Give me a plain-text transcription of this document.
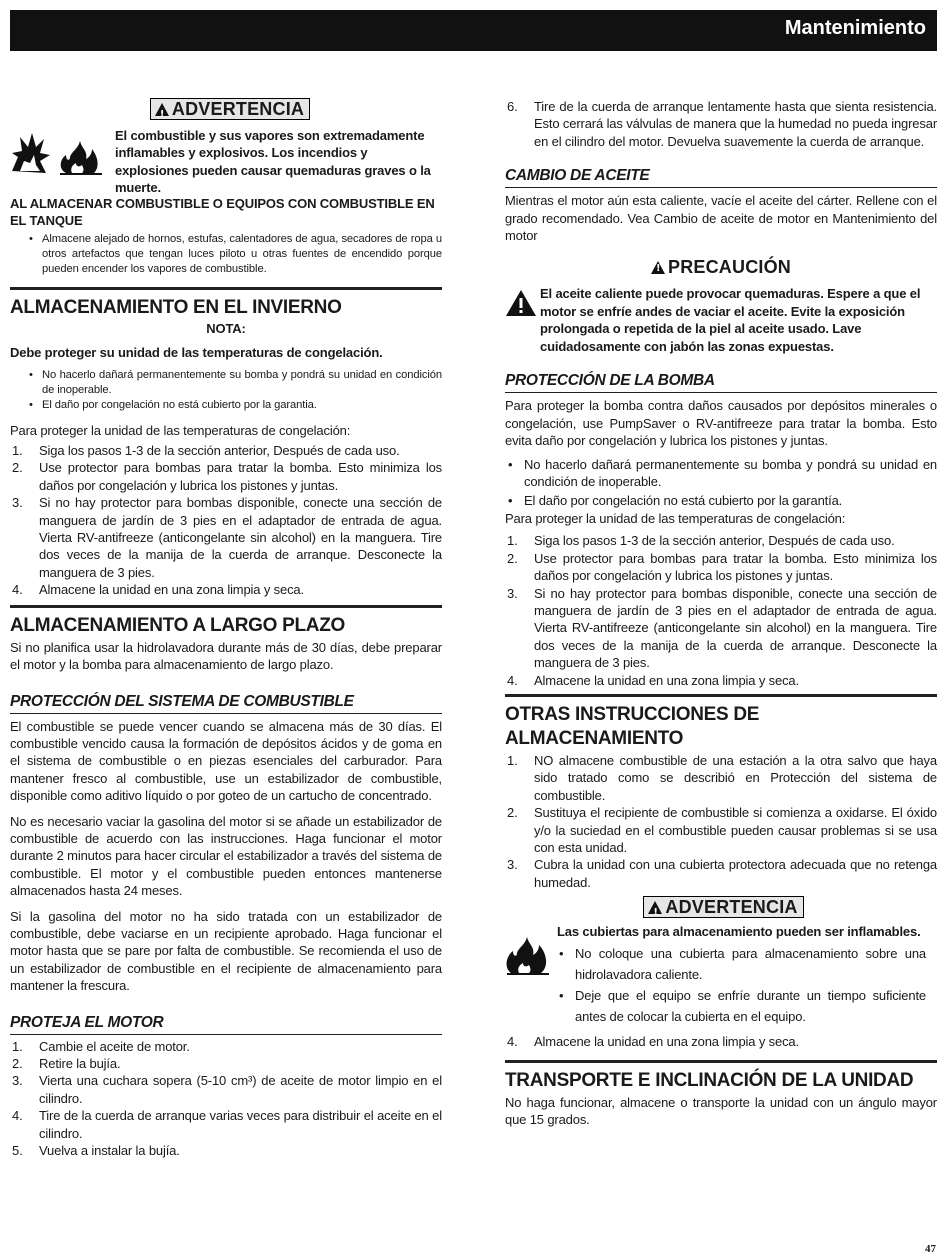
Mantenimiento
!ADVERTENCIA
El combustible y sus vapores son extremadamente inflamables y explosivos. Los incendios y explosiones pueden causar quemaduras graves o la muerte.
AL ALMACENAR COMBUSTIBLE O EQUIPOS CON COMBUSTIBLE EN EL TANQUE
• Almacene alejado de hornos, estufas, calentadores de agua, secadores de ropa u otros artefactos que tengan luces piloto u otras fuentes de encendido porque pueden encender los vapores de combustible.
ALMACENAMIENTO EN EL INVIERNO
NOTA:
Debe proteger su unidad de las temperaturas de congelación.
• No hacerlo dañará permanentemente su bomba y pondrá su unidad en condición de inoperable.
• El daño por congelación no está cubierto por la garantia.

Para proteger la unidad de las temperaturas de congelación:

1. Siga los pasos 1-3 de la sección anterior, Después de cada uso.
2. Use protector para bombas para tratar la bomba. Esto minimiza los daños por congelación y lubrica los pistones y juntas.
3. Si no hay protector para bombas disponible, conecte una sección de manguera de jardín de 3 pies en el adaptador de entrada de agua. Vierta RV-antifreeze (anticongelante sin alcohol) en la manguera. Tire dos veces de la manija de la cuerda de arranque. Desconecte la manguera de 3 pies.
4. Almacene la unidad en una zona limpia y seca.
ALMACENAMIENTO A LARGO PLAZO

Si no planifica usar la hidrolavadora durante más de 30 días, debe preparar el motor y la bomba para almacenamiento de largo plazo.

PROTECCIÓN DEL SISTEMA DE COMBUSTIBLE

El combustible se puede vencer cuando se almacena más de 30 días. El combustible vencido causa la formación de depósitos ácidos y de goma en el sistema de combustible o en piezas esenciales del carburador. Para mantener fresco al combustible, use un estabilizador de combustible, disponible como aditivo líquido o por goteo de un cartucho de concentrado.

No es necesario vaciar la gasolina del motor si se añade un estabilizador de combustible de acuerdo con las instrucciones. Haga funcionar el motor durante 2 minutos para hacer circular el estabilizador a través del sistema de combustible. El motor y el combustible pueden entonces mantenerse almacenados hasta 24 meses.

Si la gasolina del motor no ha sido tratada con un estabilizador de combustible, debe vaciarse en un recipiente aprobado. Haga funcionar el motor hasta que se pare por falta de combustible. Se recomienda el uso de un estabilizador de combustible en el recipiente de almacenamiento para mantener la frescura.

PROTEJA EL MOTOR
1. Cambie el aceite de motor.
2. Retire la bujía.
3. Vierta una cuchara sopera (5-10 cm³) de aceite de motor limpio en el cilindro.
4. Tire de la cuerda de arranque varias veces para distribuir el aceite en el cilindro.
5. Vuelva a instalar la bujía.
6. Tire de la cuerda de arranque lentamente hasta que sienta resistencia. Esto cerrará las válvulas de manera que la humedad no pueda ingresar en el cilindro del motor. Devuelva suavemente la cuerda de arranque.
CAMBIO DE ACEITE

Mientras el motor aún esta caliente, vacíe el aceite del cárter. Rellene con el grado recomendado. Vea Cambio de aceite de motor en Mantenimiento del motor

!PRECAUCIÓN
El aceite caliente puede provocar quemaduras. Espere a que el motor se enfríe andes de vaciar el aceite. Evite la exposición prolongada o repetida de la piel al aceite usado. Lave cuidadosamente con jabón las zonas expuestas.
PROTECCIÓN DE LA BOMBA

Para proteger la bomba contra daños causados por depósitos minerales o congelación, use PumpSaver o RV-antifreeze para tratar la bomba. Esto evita daño por congelación y lubrica los pistones y juntas.

• No hacerlo dañará permanentemente su bomba y pondrá su unidad en condición de inoperable.
• El daño por congelación no está cubierto por la garantía.

Para proteger la unidad de las temperaturas de congelación:

1. Siga los pasos 1-3 de la sección anterior, Después de cada uso.
2. Use protector para bombas para tratar la bomba. Esto minimiza los daños por congelación y lubrica los pistones y juntas.
3. Si no hay protector para bombas disponible, conecte una sección de manguera de jardín de 3 pies en el adaptador de entrada de agua. Vierta RV-antifreeze (anticongelante sin alcohol) en la manguera. Tire dos veces de la manija de la cuerda de arranque. Desconecte la manguera de 3 pies.
4. Almacene la unidad en una zona limpia y seca.
OTRAS INSTRUCCIONES DE ALMACENAMIENTO
1. NO almacene combustible de una estación a la otra salvo que haya sido tratado como se describió en Protección del sistema de combustible.
2. Sustituya el recipiente de combustible si comienza a oxidarse. El óxido y/o la suciedad en el combustible pueden causar problemas si se usa con esta unidad.
3. Cubra la unidad con una cubierta protectora adecuada que no retenga humedad.
!ADVERTENCIA
Las cubiertas para almacenamiento pueden ser inflamables.
• No coloque una cubierta para almacenamiento sobre una hidrolavadora caliente.
• Deje que el equipo se enfríe durante un tiempo suficiente antes de colocar la cubierta en el equipo.
4. Almacene la unidad en una zona limpia y seca.
TRANSPORTE E INCLINACIÓN DE LA UNIDAD

No haga funcionar, almacene o transporte la unidad con un ángulo mayor que 15 grados.

47
